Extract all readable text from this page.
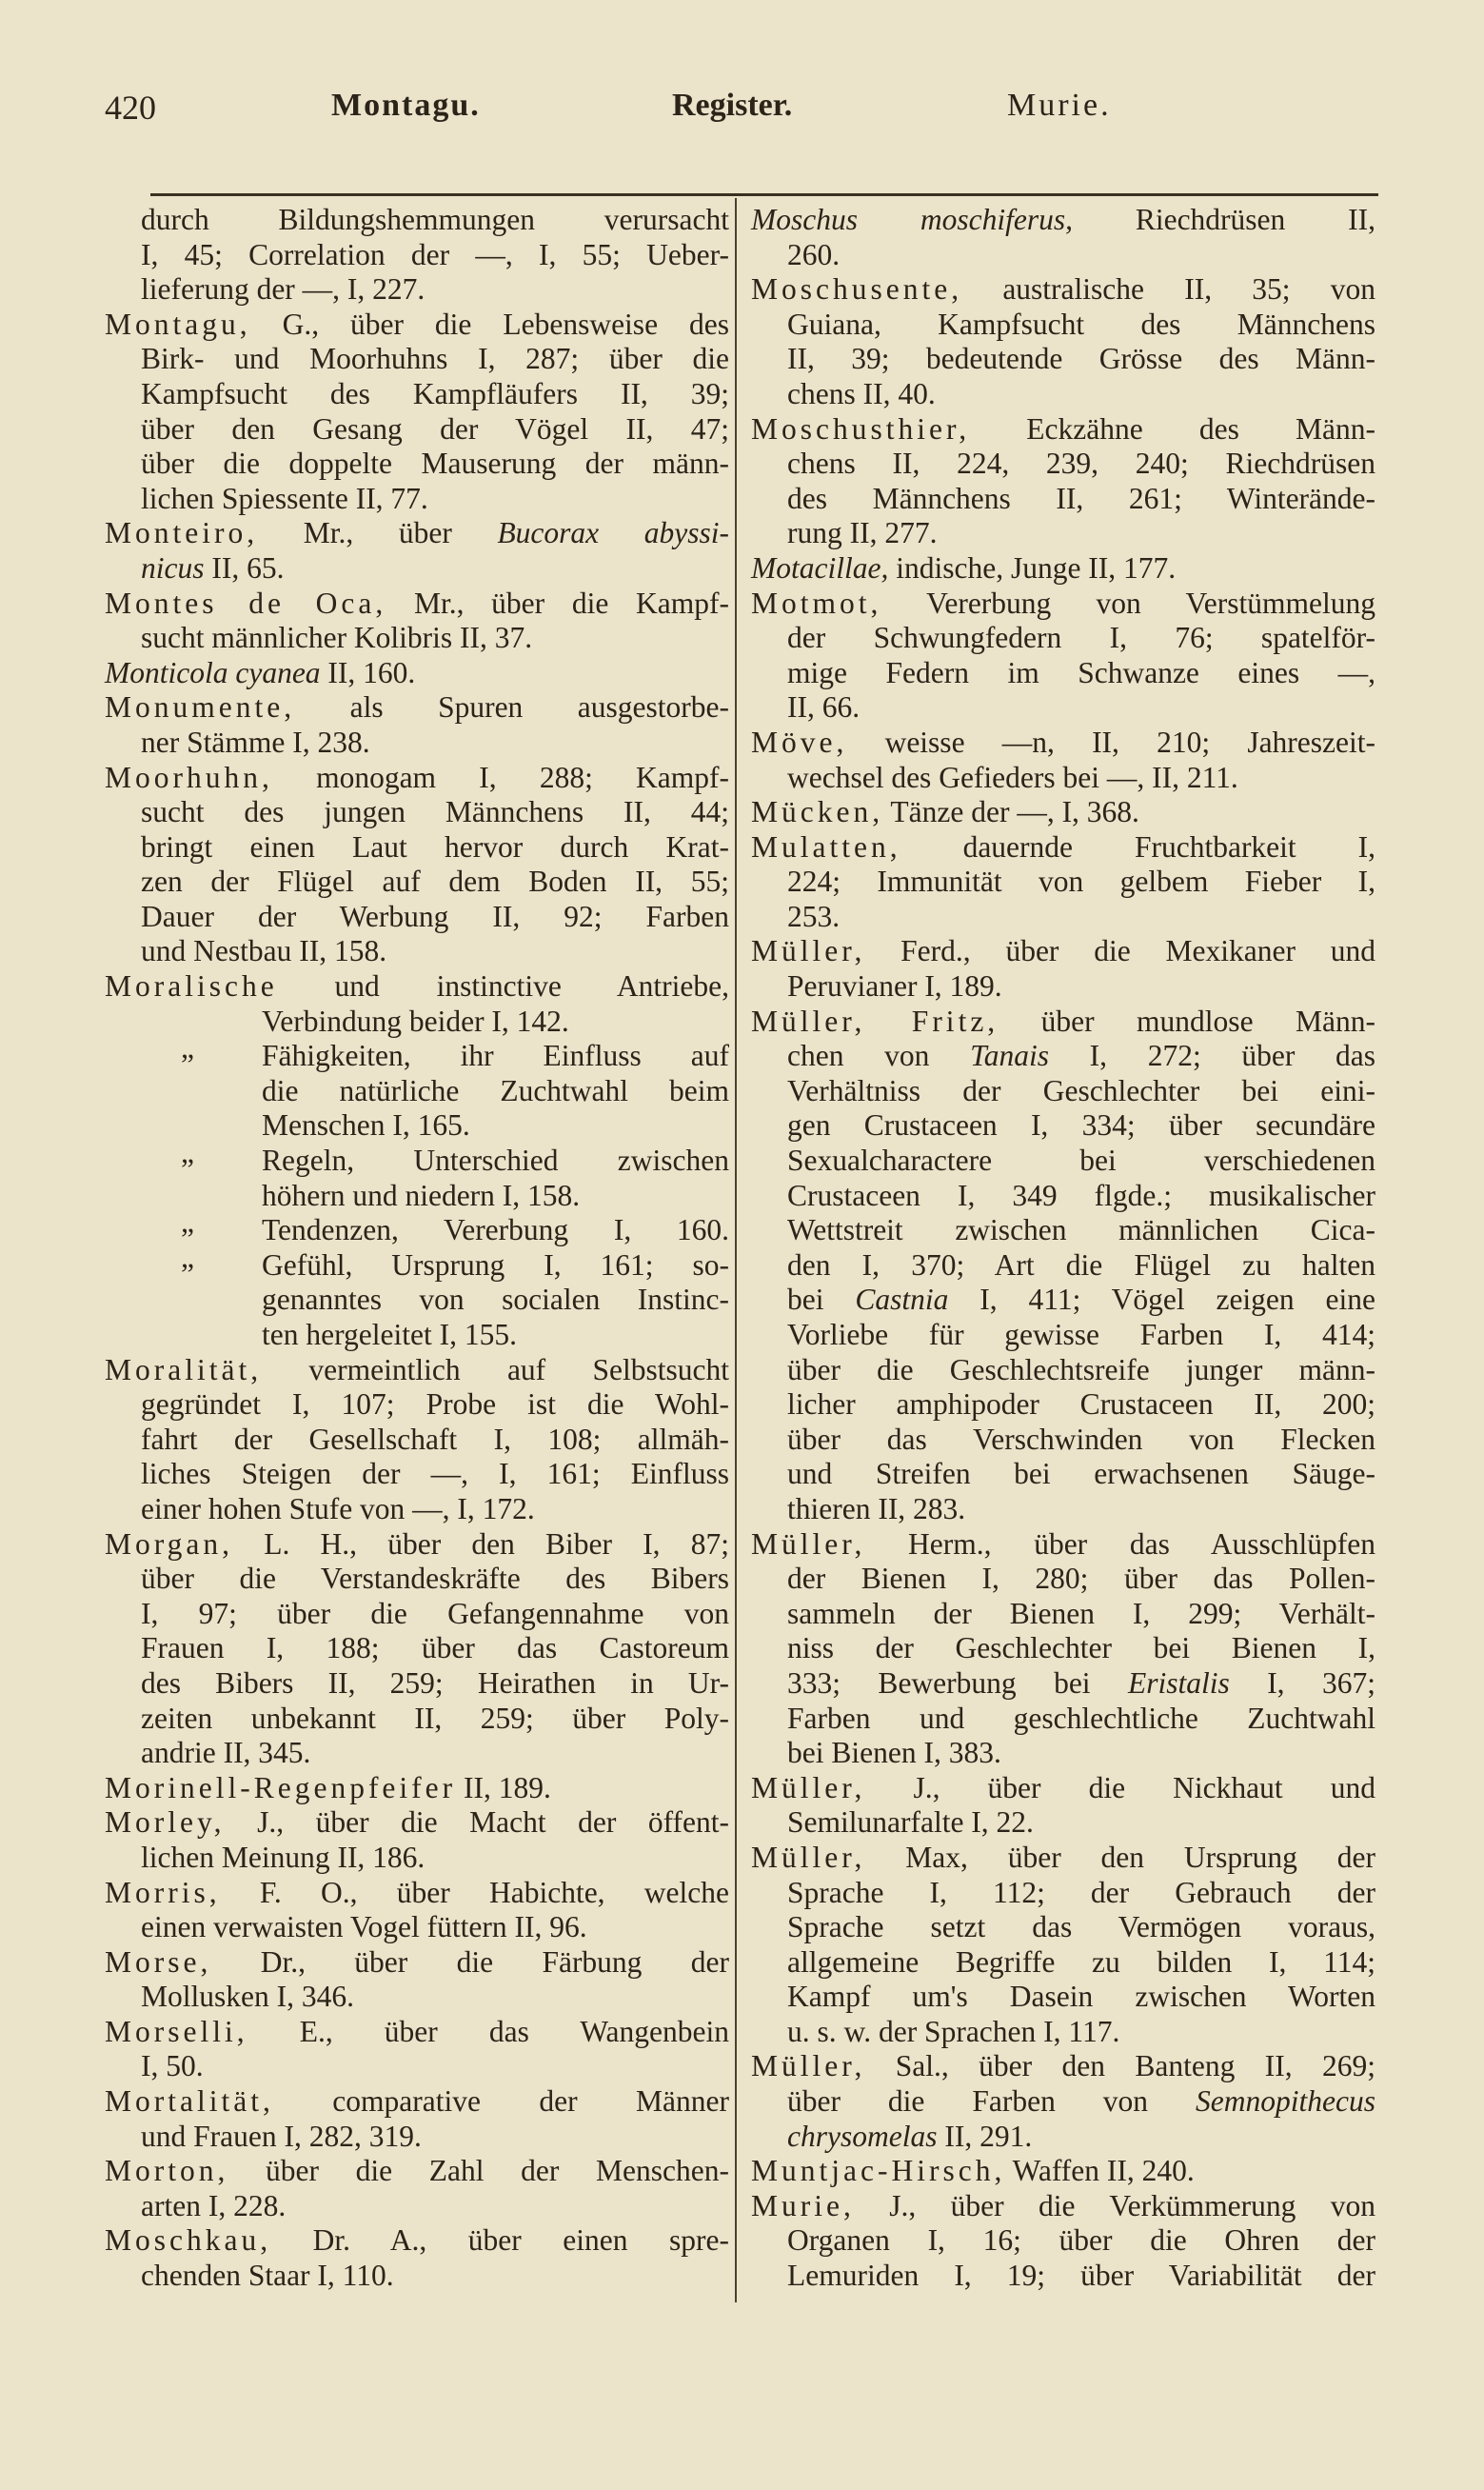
420	Montagu.	Register.	Murie.
durch Bildungshemmungen verursacht
I, 45; Correlation der —, I, 55; Ueber-
lieferung der —, I, 227.
Montagu, G., über die Lebensweise des
Birk- und Moorhuhns I, 287; über die
Kampfsucht des Kampfläufers II, 39;
über den Gesang der Vögel II, 47;
über die doppelte Mauserung der männ-
lichen Spiessente II, 77.
Monteiro, Mr., über Bucorax abyssi-
nicus II, 65.
Montes de Oca, Mr., über die Kampf-
sucht männlicher Kolibris II, 37.
Monticola cyanea II, 160.
Monumente, als Spuren ausgestorbe-
ner Stämme I, 238.
Moorhuhn, monogam I, 288; Kampf-
sucht des jungen Männchens II, 44;
bringt einen Laut hervor durch Krat-
zen der Flügel auf dem Boden II, 55;
Dauer der Werbung II, 92; Farben
und Nestbau II, 158.
Moralische und instinctive Antriebe,
Verbindung beider I, 142.
„ Fähigkeiten, ihr Einfluss auf
die natürliche Zuchtwahl beim
Menschen I, 165.
„ Regeln, Unterschied zwischen
höhern und niedern I, 158.
„ Tendenzen, Vererbung I, 160.
„ Gefühl, Ursprung I, 161; so-
genanntes von socialen Instinc-
ten hergeleitet I, 155.
Moralität, vermeintlich auf Selbstsucht
gegründet I, 107; Probe ist die Wohl-
fahrt der Gesellschaft I, 108; allmäh-
liches Steigen der —, I, 161; Einfluss
einer hohen Stufe von —, I, 172.
Morgan, L. H., über den Biber I, 87;
über die Verstandeskräfte des Bibers
I, 97; über die Gefangennahme von
Frauen I, 188; über das Castoreum
des Bibers II, 259; Heirathen in Ur-
zeiten unbekannt II, 259; über Poly-
andrie II, 345.
Morinell-Regenpfeifer II, 189.
Morley, J., über die Macht der öffent-
lichen Meinung II, 186.
Morris, F. O., über Habichte, welche
einen verwaisten Vogel füttern II, 96.
Morse, Dr., über die Färbung der
Mollusken I, 346.
Morselli, E., über das Wangenbein
I, 50.
Mortalität, comparative der Männer
und Frauen I, 282, 319.
Morton, über die Zahl der Menschen-
arten I, 228.
Moschkau, Dr. A., über einen spre-
chenden Staar I, 110.
Moschus moschiferus, Riechdrüsen II,
260.
Moschusente, australische II, 35; von
Guiana, Kampfsucht des Männchens
II, 39; bedeutende Grösse des Männ-
chens II, 40.
Moschusthier, Eckzähne des Männ-
chens II, 224, 239, 240; Riechdrüsen
des Männchens II, 261; Winterände-
rung II, 277.
Motacillae, indische, Junge II, 177.
Motmot, Vererbung von Verstümmelung
der Schwungfedern I, 76; spatelför-
mige Federn im Schwanze eines —,
II, 66.
Möve, weisse —n, II, 210; Jahreszeit-
wechsel des Gefieders bei —, II, 211.
Mücken, Tänze der —, I, 368.
Mulatten, dauernde Fruchtbarkeit I,
224; Immunität von gelbem Fieber I,
253.
Müller, Ferd., über die Mexikaner und
Peruvianer I, 189.
Müller, Fritz, über mundlose Männ-
chen von Tanais I, 272; über das
Verhältniss der Geschlechter bei eini-
gen Crustaceen I, 334; über secundäre
Sexualcharactere bei verschiedenen
Crustaceen I, 349 flgde.; musikalischer
Wettstreit zwischen männlichen Cica-
den I, 370; Art die Flügel zu halten
bei Castnia I, 411; Vögel zeigen eine
Vorliebe für gewisse Farben I, 414;
über die Geschlechtsreife junger männ-
licher amphipoder Crustaceen II, 200;
über das Verschwinden von Flecken
und Streifen bei erwachsenen Säuge-
thieren II, 283.
Müller, Herm., über das Ausschlüpfen
der Bienen I, 280; über das Pollen-
sammeln der Bienen I, 299; Verhält-
niss der Geschlechter bei Bienen I,
333; Bewerbung bei Eristalis I, 367;
Farben und geschlechtliche Zuchtwahl
bei Bienen I, 383.
Müller, J., über die Nickhaut und
Semilunarfalte I, 22.
Müller, Max, über den Ursprung der
Sprache I, 112; der Gebrauch der
Sprache setzt das Vermögen voraus,
allgemeine Begriffe zu bilden I, 114;
Kampf um's Dasein zwischen Worten
u. s. w. der Sprachen I, 117.
Müller, Sal., über den Banteng II, 269;
über die Farben von Semnopithecus
chrysomelas II, 291.
Muntjac-Hirsch, Waffen II, 240.
Murie, J., über die Verkümmerung von
Organen I, 16; über die Ohren der
Lemuriden I, 19; über Variabilität der
